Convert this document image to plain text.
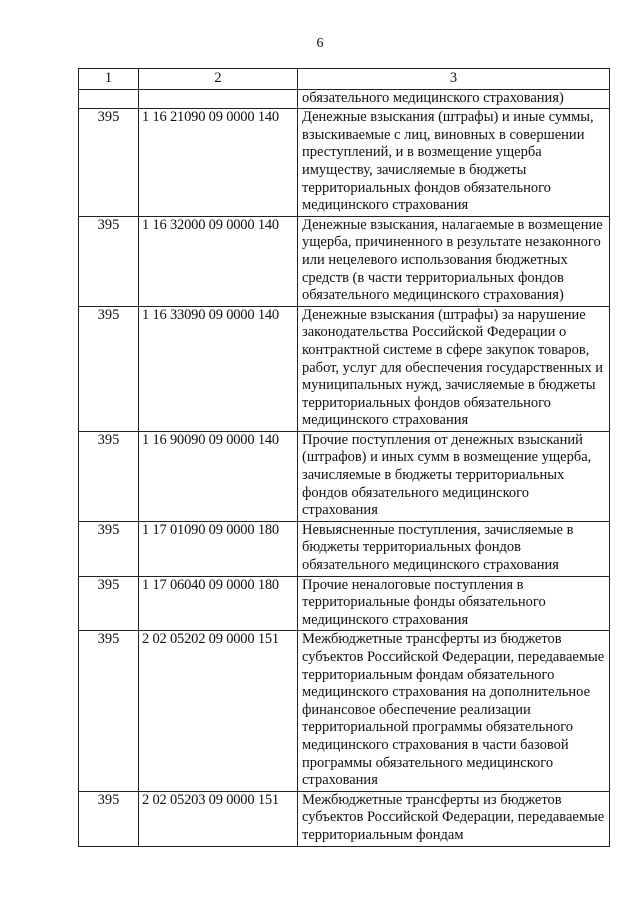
6
1	2	3
		обязательного медицинского страхования)
395	1 16 21090 09 0000 140	Денежные взыскания (штрафы) и иные суммы, взыскиваемые с лиц, виновных в совершении преступлений, и в возмещение ущерба имуществу, зачисляемые в бюджеты территориальных фондов обязательного медицинского страхования
395	1 16 32000 09 0000 140	Денежные взыскания, налагаемые в возмещение ущерба, причиненного в результате незаконного или нецелевого использования бюджетных средств (в части территориальных фондов обязательного медицинского страхования)
395	1 16 33090 09 0000 140	Денежные взыскания (штрафы) за нарушение законодательства Российской Федерации о контрактной системе в сфере закупок товаров, работ, услуг для обеспечения государственных и муниципальных нужд, зачисляемые в бюджеты территориальных фондов обязательного медицинского страхования
395	1 16 90090 09 0000 140	Прочие поступления от денежных взысканий (штрафов) и иных сумм в возмещение ущерба, зачисляемые в бюджеты территориальных фондов обязательного медицинского страхования
395	1 17 01090 09 0000 180	Невыясненные поступления, зачисляемые в бюджеты территориальных фондов обязательного медицинского страхования
395	1 17 06040 09 0000 180	Прочие неналоговые поступления в территориальные фонды обязательного медицинского страхования
395	2 02 05202 09 0000 151	Межбюджетные трансферты из бюджетов субъектов Российской Федерации, передаваемые территориальным фондам обязательного медицинского страхования на дополнительное финансовое обеспечение реализации территориальной программы обязательного медицинского страхования в части базовой программы обязательного медицинского страхования
395	2 02 05203 09 0000 151	Межбюджетные трансферты из бюджетов субъектов Российской Федерации, передаваемые территориальным фондам
